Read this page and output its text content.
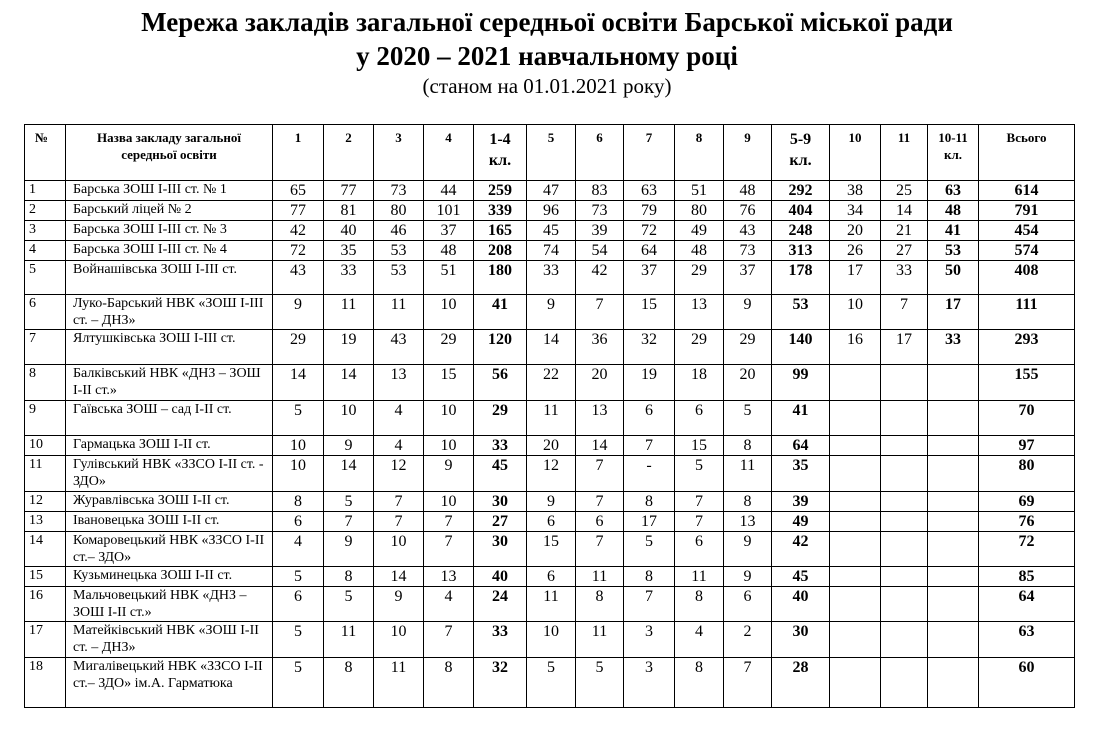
Мережа закладів загальної середньої освіти Барської міської ради
у 2020 – 2021 навчальному році
(станом на 01.01.2021 року)
№	Назва закладу загальної середньої освіти	1	2	3	4	1-4 кл.	5	6	7	8	9	5-9 кл.	10	11	10-11 кл.	Всього
1	Барська ЗОШ І-ІІІ ст. № 1	65	77	73	44	259	47	83	63	51	48	292	38	25	63	614
2	Барський ліцей № 2	77	81	80	101	339	96	73	79	80	76	404	34	14	48	791
3	Барська ЗОШ І-ІІІ ст. № 3	42	40	46	37	165	45	39	72	49	43	248	20	21	41	454
4	Барська ЗОШ І-ІІІ ст. № 4	72	35	53	48	208	74	54	64	48	73	313	26	27	53	574
5	Войнашівська ЗОШ І-ІІІ ст.	43	33	53	51	180	33	42	37	29	37	178	17	33	50	408
6	Луко-Барський НВК «ЗОШ І-ІІІ ст. – ДНЗ»	9	11	11	10	41	9	7	15	13	9	53	10	7	17	111
7	Ялтушківська ЗОШ І-ІІІ ст.	29	19	43	29	120	14	36	32	29	29	140	16	17	33	293
8	Балківський НВК «ДНЗ – ЗОШ І-ІІ ст.»	14	14	13	15	56	22	20	19	18	20	99				155
9	Гаївська ЗОШ – сад І-ІІ ст.	5	10	4	10	29	11	13	6	6	5	41				70
10	Гармацька ЗОШ І-ІІ ст.	10	9	4	10	33	20	14	7	15	8	64				97
11	Гулівський НВК «ЗЗСО І-ІІ ст. - ЗДО»	10	14	12	9	45	12	7	-	5	11	35				80
12	Журавлівська ЗОШ І-ІІ ст.	8	5	7	10	30	9	7	8	7	8	39				69
13	Івановецька ЗОШ І-ІІ ст.	6	7	7	7	27	6	6	17	7	13	49				76
14	Комаровецький НВК «ЗЗСО І-ІІ ст.– ЗДО»	4	9	10	7	30	15	7	5	6	9	42				72
15	Кузьминецька ЗОШ І-ІІ ст.	5	8	14	13	40	6	11	8	11	9	45				85
16	Мальчовецький НВК «ДНЗ – ЗОШ І-ІІ ст.»	6	5	9	4	24	11	8	7	8	6	40				64
17	Матейківський НВК «ЗОШ І-ІІ ст. – ДНЗ»	5	11	10	7	33	10	11	3	4	2	30				63
18	Мигалівецький НВК «ЗЗСО І-ІІ ст.– ЗДО» ім.А. Гарматюка	5	8	11	8	32	5	5	3	8	7	28				60
